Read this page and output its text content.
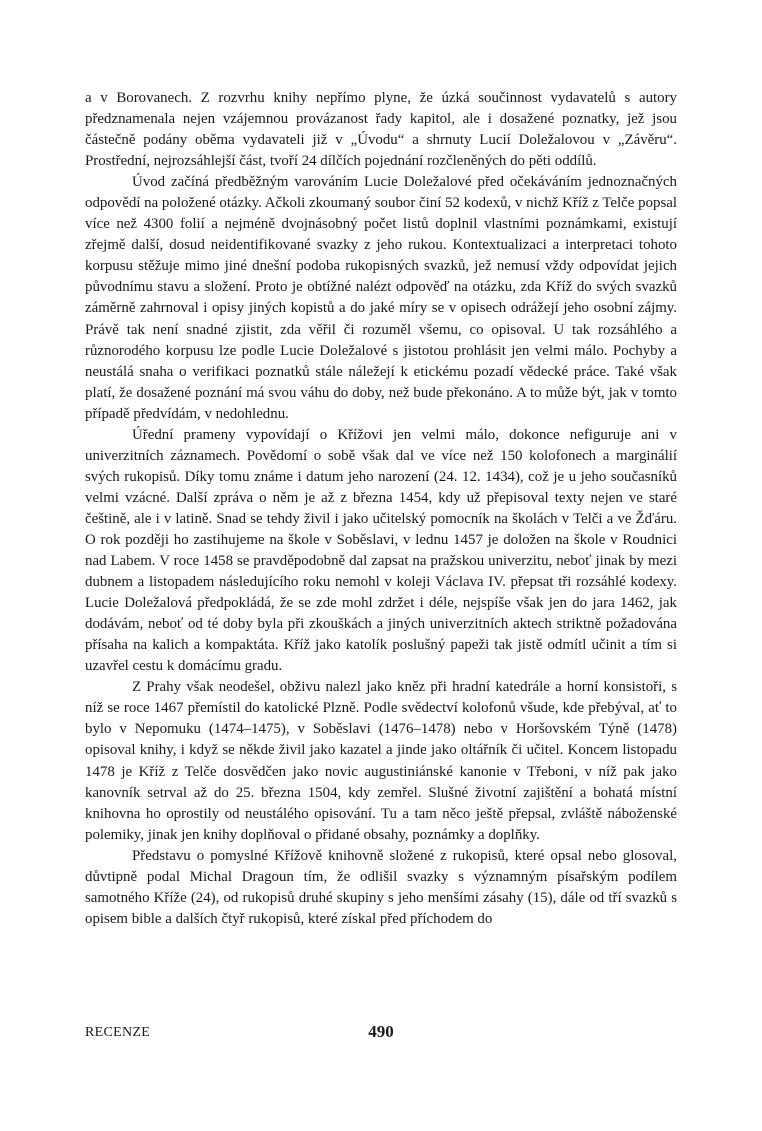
a v Borovanech. Z rozvrhu knihy nepřímo plyne, že úzká součinnost vydavatelů s autory předznamenala nejen vzájemnou provázanost řady kapitol, ale i dosažené poznatky, jež jsou částečně podány oběma vydavateli již v „Úvodu“ a shrnuty Lucií Doležalovou v „Závěru“. Prostřední, nejrozsáhlejší část, tvoří 24 dílčích pojednání rozčleněných do pěti oddílů.

Úvod začíná předběžným varováním Lucie Doležalové před očekáváním jednoznačných odpovědí na položené otázky. Ačkoli zkoumaný soubor činí 52 kodexů, v nichž Kříž z Telče popsal více než 4300 folií a nejméně dvojnásobný počet listů doplnil vlastními poznámkami, existují zřejmě další, dosud neidentifikované svazky z jeho rukou. Kontextualizaci a interpretaci tohoto korpusu stěžuje mimo jiné dnešní podoba rukopisných svazků, jež nemusí vždy odpovídat jejich původnímu stavu a složení. Proto je obtížné nalézt odpověď na otázku, zda Kříž do svých svazků záměrně zahrnoval i opisy jiných kopistů a do jaké míry se v opisech odrážejí jeho osobní zájmy. Právě tak není snadné zjistit, zda věřil či rozuměl všemu, co opisoval. U tak rozsáhlého a různorodého korpusu lze podle Lucie Doležalové s jistotou prohlásit jen velmi málo. Pochyby a neustálá snaha o verifikaci poznatků stále náležejí k etickému pozadí vědecké práce. Také však platí, že dosažené poznání má svou váhu do doby, než bude překonáno. A to může být, jak v tomto případě předvídám, v nedohlednu.

Úřední prameny vypovídají o Křížovi jen velmi málo, dokonce nefiguruje ani v univerzitních záznamech. Povědomí o sobě však dal ve více než 150 kolofonech a marginálií svých rukopisů. Díky tomu známe i datum jeho narození (24. 12. 1434), což je u jeho současníků velmi vzácné. Další zpráva o něm je až z března 1454, kdy už přepisoval texty nejen ve staré češtině, ale i v latině. Snad se tehdy živil i jako učitelský pomocník na školách v Telči a ve Žďáru. O rok později ho zastihujeme na škole v Soběslavi, v lednu 1457 je doložen na škole v Roudnici nad Labem. V roce 1458 se pravděpodobně dal zapsat na pražskou univerzitu, neboť jinak by mezi dubnem a listopadem následujícího roku nemohl v koleji Václava IV. přepsat tři rozsáhlé kodexy. Lucie Doležalová předpokládá, že se zde mohl zdržet i déle, nejspíše však jen do jara 1462, jak dodávám, neboť od té doby byla při zkouškách a jiných univerzitních aktech striktně požadována přísaha na kalich a kompaktáta. Kříž jako katolík poslušný papeži tak jistě odmítl učinit a tím si uzavřel cestu k domácímu gradu.

Z Prahy však neodešel, obživu nalezl jako kněz při hradní katedrále a horní konsistoři, s níž se roce 1467 přemístil do katolické Plzně. Podle svědectví kolofonů všude, kde přebýval, ať to bylo v Nepomuku (1474–1475), v Soběslavi (1476–1478) nebo v Horšovském Týně (1478) opisoval knihy, i když se někde živil jako kazatel a jinde jako oltářník či učitel. Koncem listopadu 1478 je Kříž z Telče dosvědčen jako novic augustiniánské kanonie v Třeboni, v níž pak jako kanovník setrval až do 25. března 1504, kdy zemřel. Slušné životní zajištění a bohatá místní knihovna ho oprostily od neustálého opisování. Tu a tam něco ještě přepsal, zvláště náboženské polemiky, jinak jen knihy doplňoval o přidané obsahy, poznámky a doplňky.

Představu o pomyslné Křížově knihovně složené z rukopisů, které opsal nebo glosoval, důvtipně podal Michal Dragoun tím, že odlišil svazky s významným písařským podílem samotného Kříže (24), od rukopisů druhé skupiny s jeho menšími zásahy (15), dále od tří svazků s opisem bible a dalších čtyř rukopisů, které získal před příchodem do

RECENZE	490
